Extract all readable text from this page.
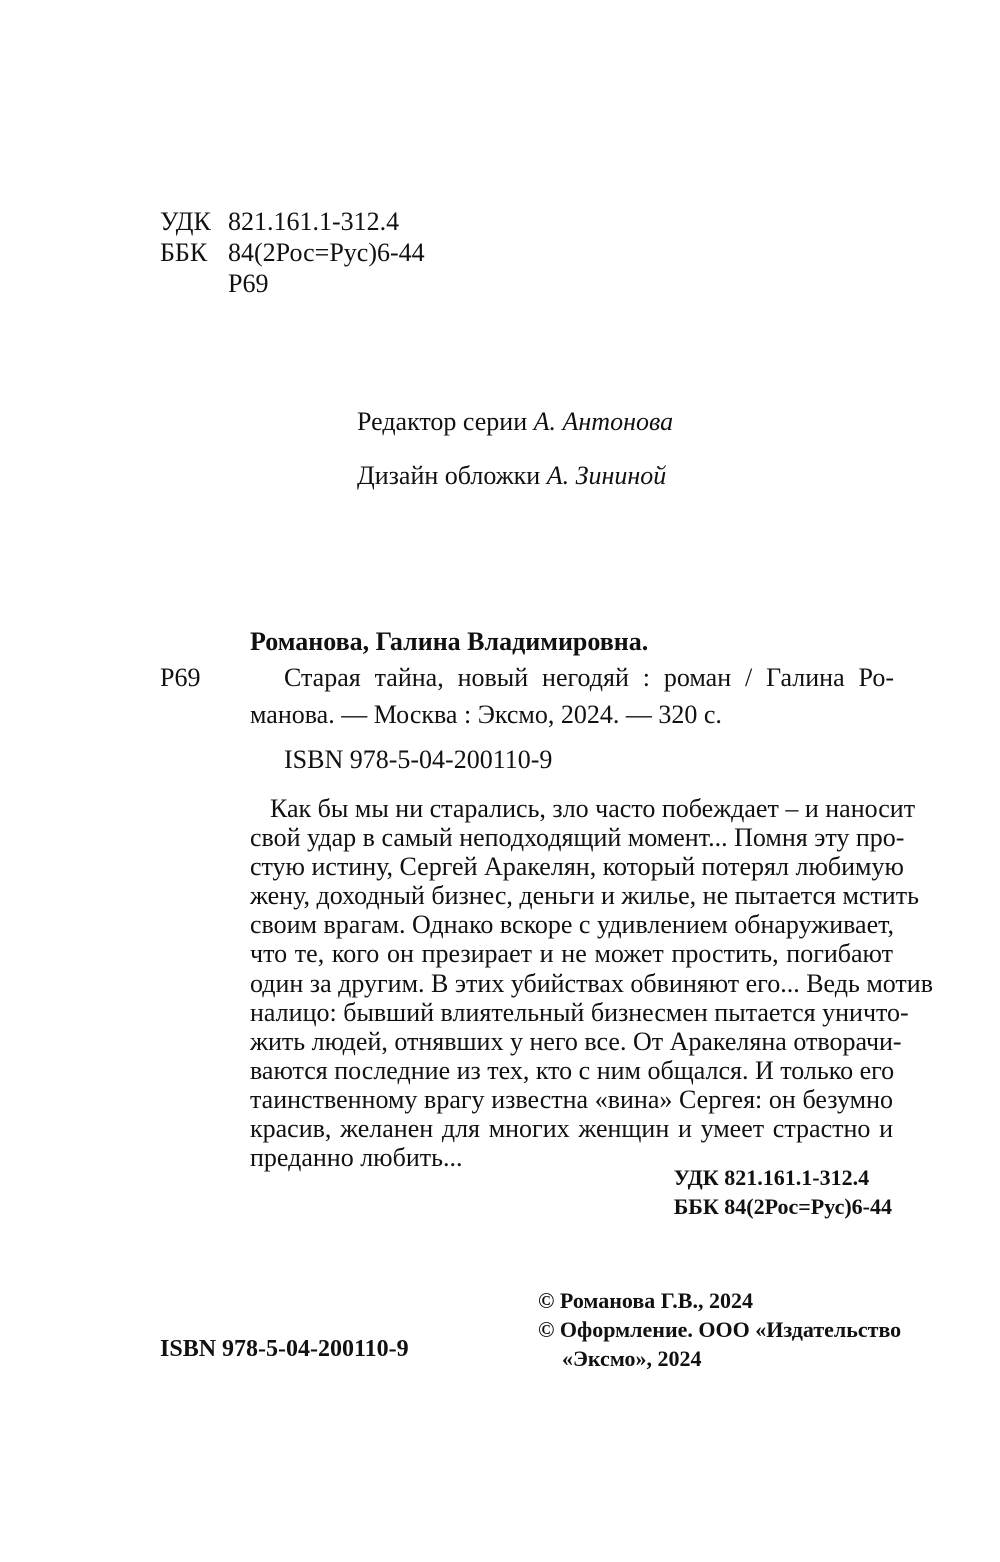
УДК 821.161.1-312.4
ББК 84(2Рос=Рус)6-44
Р69
Редактор серии А. Антонова
Дизайн обложки А. Зининой
Романова, Галина Владимировна.
Р69	Старая тайна, новый негодяй : роман / Галина Ро-
манова. — Москва : Эксмо, 2024. — 320 с.
ISBN 978-5-04-200110-9
Как бы мы ни старались, зло часто побеждает – и наносит
свой удар в самый неподходящий момент... Помня эту про-
стую истину, Сергей Аракелян, который потерял любимую
жену, доходный бизнес, деньги и жилье, не пытается мстить
своим врагам. Однако вскоре с удивлением обнаруживает,
что те, кого он презирает и не может простить, погибают
один за другим. В этих убийствах обвиняют его... Ведь мотив
налицо: бывший влиятельный бизнесмен пытается уничто-
жить людей, отнявших у него все. От Аракеляна отворачи-
ваются последние из тех, кто с ним общался. И только его
таинственному врагу известна «вина» Сергея: он безумно
красив, желанен для многих женщин и умеет страстно и
преданно любить...
УДК 821.161.1-312.4
ББК 84(2Рос=Рус)6-44
ISBN 978-5-04-200110-9
© Романова Г.В., 2024
© Оформление. ООО «Издательство
«Эксмо», 2024
